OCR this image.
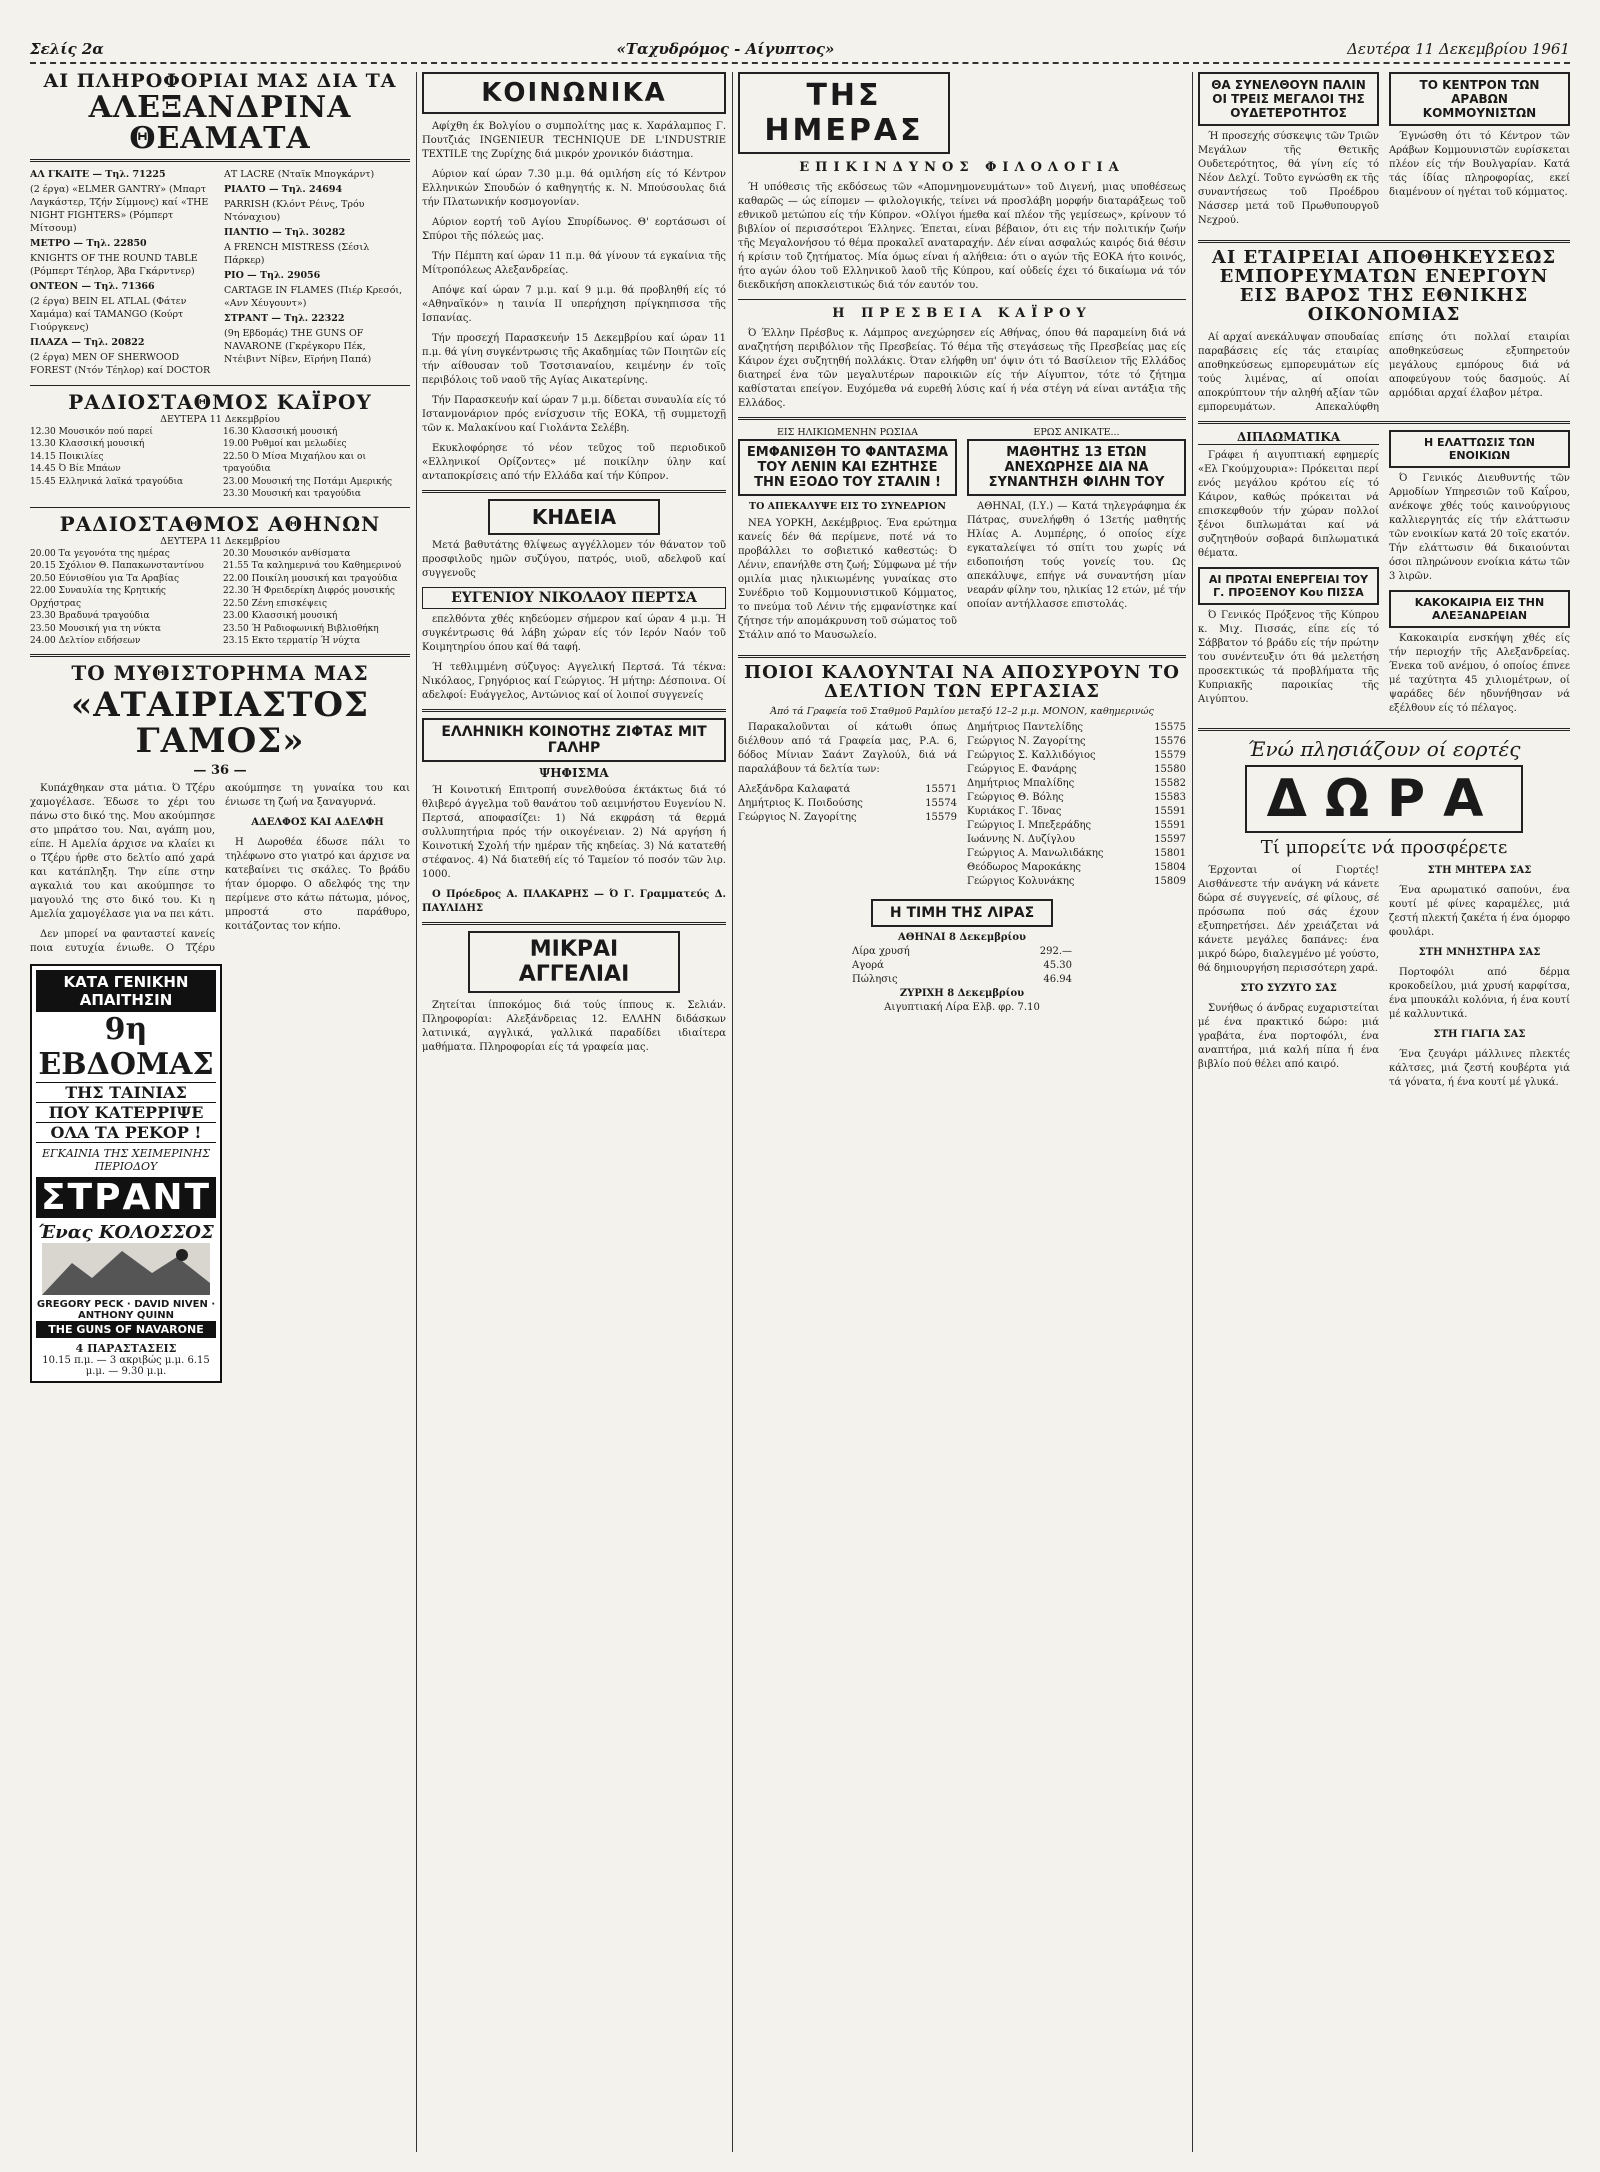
Σελίς 2α	«Ταχυδρόμος - Αίγυπτος»	Δευτέρα 11 Δεκεμβρίου 1961
ΑΙ ΠΛΗΡΟΦΟΡΙΑΙ ΜΑΣ ΔΙΑ ΤΑ
ΑΛΕΞΑΝΔΡΙΝΑ ΘΕΑΜΑΤΑ
ΑΛ ΓΚΑΙΤΕ — Τηλ. 71225
(2 έργα) «ELMER GANTRY» (Μπαρτ Λαγκάστερ, Τζήν Σίμμονς) καί «THE NIGHT FIGHTERS» (Ρόμπερτ Μίτσουμ)
ΜΕΤΡΟ — Τηλ. 22850
KNIGHTS OF THE ROUND TABLE (Ρόμπερτ Τέηλορ, Άβα Γκάρντνερ)
ΟΝΤΕΟΝ — Τηλ. 71366
(2 έργα) BEIN EL ATLAL (Φάτεν Χαμάμα) καί TAMANGO (Κούρτ Γιούργκενς)
ΠΛΑΖΑ — Τηλ. 20822
(2 έργα) MEN OF SHERWOOD FOREST (Ντόν Τέηλορ) καί DOCTOR
ΑΤ LACRE (Νταϊκ Μπογκάρντ)
ΡΙΑΛΤΟ — Τηλ. 24694
PARRISH (Κλόντ Ρέινς, Τρόυ Ντόναχιου)
ΠΑΝΤΙΟ — Τηλ. 30282
A FRENCH MISTRESS (Σέσιλ Πάρκερ)
ΡΙΟ — Τηλ. 29056
CARTAGE IN FLAMES (Πιέρ Κρεσόι, «Ανν Χέυγουντ»)
ΣΤΡΑΝΤ — Τηλ. 22322
(9η Εβδομάς) THE GUNS OF NAVARONE (Γκρέγκορυ Πέκ, Ντέιβιντ Νίβεν, Εϊρήνη Παπά)
ΡΑΔΙΟΣΤΑΘΜΟΣ ΚΑΪΡΟΥ
ΔΕΥΤΕΡΑ 11 Δεκεμβρίου
12.30 Μουσικόν πού παρεί
13.30 Κλασσική μουσική
14.15 Ποικιλίες
14.45 Ό Βίε Μπάων
15.45 Ελληνικά λαϊκά τραγούδια
16.30 Κλασσική μουσική
19.00 Ρυθμοί και μελωδίες
22.50 Ό Μίσα Μιχαήλου και οι τραγούδια
23.00 Μουσική της Ποτάμι Αμερικής
23.30 Μουσική και τραγούδια
ΡΑΔΙΟΣΤΑΘΜΟΣ ΑΘΗΝΩΝ
ΔΕΥΤΕΡΑ 11 Δεκεμβρίου
20.00 Τα γεγονότα της ημέρας
20.15 Σχόλιον Θ. Παπακωνσταντίνου
20.50 Εύνισθίου για Τα Αραβίας
22.00 Συναυλία της Κρητικής Ορχήστρας
23.30 Βραδυνά τραγούδια
23.50 Μουσική για τη νύκτα
24.00 Δελτίον ειδήσεων
20.30 Μουσικόν ανθίσματα
21.55 Τα καλημερινά του Καθημερινού
22.00 Ποικίλη μουσική και τραγούδια
22.30 Ή Φρειδερίκη Διφρός μουσικής
22.50 Ζένη επισκέψεις
23.00 Κλασσική μουσική
23.50 Ή Ραδιοφωνική Βιβλιοθήκη
23.15 Εκτο τερματίρ Ή νύχτα
ΤΟ ΜΥΘΙΣΤΟΡΗΜΑ ΜΑΣ
«ΑΤΑΙΡΙΑΣΤΟΣ ΓΑΜΟΣ»
— 36 —

Κυπάχθηκαν στα μάτια. Ό Τζέρυ χαμογέλασε. Έδωσε το χέρι του πάνω στο δικό της. Μου ακούμπησε στο μπράτσο του. Ναι, αγάπη μου, είπε. Η Αμελία άρχισε να κλαίει κι ο Τζέρυ ήρθε στο δελτίο από χαρά και κατάπληξη. Την είπε στην αγκαλιά του και ακούμπησε το μαγουλό της στο δικό του. Κι η Αμελία χαμογέλασε για να πει κάτι.

Δεν μπορεί να φανταστεί κανείς ποια ευτυχία ένιωθε. Ο Τζέρυ ακούμπησε τη γυναίκα του και ένιωσε τη ζωή να ξαναγυρνά.

ΑΔΕΛΦΟΣ ΚΑΙ ΑΔΕΛΦΗ

Η Δωροθέα έδωσε πάλι το τηλέφωνο στο γιατρό και άρχισε να κατεβαίνει τις σκάλες. Το βράδυ ήταν όμορφο. Ο αδελφός της την περίμενε στο κάτω πάτωμα, μόνος, μπροστά στο παράθυρο, κοιτάζοντας τον κήπο.

ΚΑΤΑ ΓΕΝΙΚΗΝ ΑΠΑΙΤΗΣΙΝ
9η ΕΒΔΟΜΑΣ
ΤΗΣ ΤΑΙΝΙΑΣ
ΠΟΥ ΚΑΤΕΡΡΙΨΕ
ΟΛΑ ΤΑ ΡΕΚΟΡ !
ΕΓΚΑΙΝΙΑ ΤΗΣ ΧΕΙΜΕΡΙΝΗΣ ΠΕΡΙΟΔΟΥ
ΣΤΡΑΝΤ
Ένας ΚΟΛΟΣΣΟΣ
GREGORY PECK · DAVID NIVEN · ANTHONY QUINN
THE GUNS OF NAVARONE
4 ΠΑΡΑΣΤΑΣΕΙΣ
10.15 π.μ. — 3 ακριβώς μ.μ. 6.15 μ.μ. — 9.30 μ.μ.
ΚΟΙΝΩΝΙΚΑ

Αφίχθη έκ Βολγίου ο συμπολίτης μας κ. Χαράλαμπος Γ. Πουτζιάς INGENIEUR TECHNIQUE DE L'INDUSTRIE TEXTILE της Ζυρίχης διά μικρόν χρονικόν διάστημα.

Αύριον καί ώραν 7.30 μ.μ. θά ομιλήση είς τό Κέντρον Ελληνικών Σπουδών ό καθηγητής κ. Ν. Μπούσουλας διά τήν Πλατωνικήν κοσμογονίαν.

Αύριον εορτή τοῦ Αγίου Σπυρίδωνος. Θ' εορτάσωσι οί Σπύροι τῆς πόλεώς μας.

Τήν Πέμπτη καί ώραν 11 π.μ. θά γίνουν τά εγκαίνια τῆς Μίτροπόλεως Αλεξανδρείας.

Απόψε καί ώραν 7 μ.μ. καί 9 μ.μ. θά προβληθή είς τό «Αθηναϊκόν» η ταινία ΙΙ υπερήχηση πρίγκηπισσα τῆς Ισπανίας.

Τήν προσεχή Παρασκευήν 15 Δεκεμβρίου καί ώραν 11 π.μ. θά γίνη συγκέντρωσις τῆς Ακαδημίας τῶν Ποιητῶν είς τήν αίθουσαν τοῦ Τσοτσιαναίου, κειμένην έν τοῖς περιβόλοις τοῦ ναοῦ τῆς Αγίας Αικατερίνης.

Τήν Παρασκευήν καί ώραν 7 μ.μ. δίδεται συναυλία είς τό Ιστανμονάριον πρός ενίσχυσιν τῆς ΕΟΚΑ, τῇ συμμετοχῇ τῶν κ. Μαλακίνου καί Γιολάντα Σελέβη.

Εκυκλοφόρησε τό νέον τεῦχος τοῦ περιοδικοῦ «Ελληνικοί Ορίζοντες» μέ ποικίλην ύλην καί ανταποκρίσεις από τήν Ελλάδα καί τήν Κύπρον.

ΚΗΔΕΙΑ

Μετά βαθυτάτης θλίψεως αγγέλλομεν τόν θάνατον τοῦ προσφιλοῦς ημῶν συζύγου, πατρός, υιοῦ, αδελφοῦ καί συγγενοῦς

ΕΥΓΕΝΙΟΥ ΝΙΚΟΛΑΟΥ ΠΕΡΤΣΑ

επελθόντα χθές κηδεύομεν σήμερον καί ώραν 4 μ.μ. Ή συγκέντρωσις θά λάβη χώραν είς τόν Ιερόν Ναόν τοῦ Κοιμητηρίου όπου καί θά ταφή.

Ή τεθλιμμένη σύζυγος: Αγγελική Περτσά. Τά τέκνα: Νικόλαος, Γρηγόριος καί Γεώργιος. Ή μήτηρ: Δέσποινα. Οί αδελφοί: Ευάγγελος, Αντώνιος καί οί λοιποί συγγενείς

ΕΛΛΗΝΙΚΗ ΚΟΙΝΟΤΗΣ ΖΙΦΤΑΣ ΜΙΤ ΓΑΛΗΡ
ΨΗΦΙΣΜΑ

Ή Κοινοτική Επιτροπή συνελθούσα έκτάκτως διά τό θλιβερό άγγελμα τοῦ θανάτου τοῦ αειμνήστου Ευγενίου Ν. Περτσά, αποφασίζει: 1) Νά εκφράση τά θερμά συλλυπητήρια πρός τήν οικογένειαν. 2) Νά αργήση ή Κοινοτική Σχολή τήν ημέραν τῆς κηδείας. 3) Νά κατατεθή στέφανος. 4) Νά διατεθή είς τό Ταμείον τό ποσόν τῶν λιρ. 1000.

Ο Πρόεδρος Α. ΠΛΑΚΑΡΗΣ — Ό Γ. Γραμματεύς Δ. ΠΑΥΛΙΔΗΣ

ΜΙΚΡΑΙ ΑΓΓΕΛΙΑΙ

Ζητείται ίπποκόμος διά τούς ίππους κ. Σελιάν. Πληροφορίαι: Αλεξάνδρειας 12. ΕΛΛΗΝ διδάσκων λατινικά, αγγλικά, γαλλικά παραδίδει ιδιαίτερα μαθήματα. Πληροφορίαι είς τά γραφεία μας.

ΤΗΣ ΗΜΕΡΑΣ
ΕΠΙΚΙΝΔΥΝΟΣ ΦΙΛΟΛΟΓΙΑ

Ή υπόθεσις τῆς εκδόσεως τῶν «Απομνημονευμάτων» τοῦ Διγενή, μιας υποθέσεως καθαρῶς — ώς είπομεν — φιλολογικής, τείνει νά προσλάβη μορφήν διαταράξεως τοῦ εθνικοῦ μετώπου είς τήν Κύπρον. «Ολίγοι ήμεθα καί πλέον τῆς γεμίσεως», κρίνουν τό βιβλίον οί περισσότεροι Έλληνες. Έπεται, είναι βέβαιον, ότι εις τήν πολιτικήν ζωήν τῆς Μεγαλονήσου τό θέμα προκαλεῖ αναταραχήν. Δέν είναι ασφαλώς καιρός διά θέσιν ή κρίσιν τοῦ ζητήματος. Μία όμως είναι ή αλήθεια: ότι ο αγών τῆς ΕΟΚΑ ήτο κοινός, ήτο αγών όλου τοῦ Ελληνικοῦ λαοῦ τῆς Κύπρου, καί οὐδείς έχει τό δικαίωμα νά τόν διεκδικήση αποκλειστικώς διά τόν εαυτόν του.

Η ΠΡΕΣΒΕΙΑ ΚΑΪΡΟΥ

Ό Έλλην Πρέσβυς κ. Λάμπρος ανεχώρησεν είς Αθήνας, όπου θά παραμείνη διά νά αναζητήση περιβόλιον τῆς Πρεσβείας. Τό θέμα τῆς στεγάσεως τῆς Πρεσβείας μας είς Κάιρον έχει συζητηθή πολλάκις. Όταν ελήφθη υπ' όψιν ότι τό Βασίλειον τῆς Ελλάδος διατηρεί ένα τῶν μεγαλυτέρων παροικιῶν είς τήν Αίγυπτον, τότε τό ζήτημα καθίσταται επείγον. Ευχόμεθα νά ευρεθή λύσις καί ή νέα στέγη νά είναι αντάξια τῆς Ελλάδος.

ΕΙΣ ΗΛΙΚΙΩΜΕΝΗΝ ΡΩΣΙΔΑ
ΕΜΦΑΝΙΣΘΗ ΤΟ ΦΑΝΤΑΣΜΑ ΤΟΥ ΛΕΝΙΝ ΚΑΙ ΕΖΗΤΗΣΕ ΤΗΝ ΕΞΟΔΟ ΤΟΥ ΣΤΑΛΙΝ !
ΤΟ ΑΠΕΚΑΛΥΨΕ ΕΙΣ ΤΟ ΣΥΝΕΔΡΙΟΝ

ΝΕΑ ΥΟΡΚΗ, Δεκέμβριος. Ένα ερώτημα κανείς δέν θά περίμενε, ποτέ νά το προβάλλει το σοβιετικό καθεστώς: Ό Λένιν, επανήλθε στη ζωή; Σύμφωνα μέ τήν ομιλία μιας ηλικιωμένης γυναίκας στο Συνέδριο τοῦ Κομμουνιστικοῦ Κόμματος, το πνεύμα τοῦ Λένιν τής εμφανίστηκε καί ζήτησε τήν απομάκρυνση τοῦ σώματος τοῦ Στάλιν από το Μαυσωλείο.

ΕΡΩΣ ΑΝΙΚΑΤΕ...
ΜΑΘΗΤΗΣ 13 ΕΤΩΝ ΑΝΕΧΩΡΗΣΕ ΔΙΑ ΝΑ ΣΥΝΑΝΤΗΣΗ ΦΙΛΗΝ ΤΟΥ

ΑΘΗΝΑΙ, (Ι.Υ.) — Κατά τηλεγράφημα έκ Πάτρας, συνελήφθη ό 13ετής μαθητής Ηλίας Α. Λυμπέρης, ό οποίος είχε εγκαταλείψει τό σπίτι του χωρίς νά ειδοποιήση τούς γονείς του. Ως απεκάλυψε, επήγε νά συναντήση μίαν νεαράν φίλην του, ηλικίας 12 ετών, μέ τήν οποίαν αντήλλασσε επιστολάς.

ΠΟΙΟΙ ΚΑΛΟΥΝΤΑΙ ΝΑ ΑΠΟΣΥΡΟΥΝ ΤΟ ΔΕΛΤΙΟΝ ΤΩΝ ΕΡΓΑΣΙΑΣ
Άπό τά Γραφεία τοῦ Σταθμοῦ Ραμλίου μεταξύ 12–2 μ.μ. ΜΟΝΟΝ, καθημερινώς

Παρακαλοῦνται οί κάτωθι όπως διέλθουν από τά Γραφεία μας, Ρ.Α. 6, δόδος Μίνιαν Σαάντ Ζαγλούλ, διά νά παραλάβουν τά δελτία των:

Αλεξάνδρα Καλαφατά	15571
Δημήτριος Κ. Ποιδούσης	15574
Γεώργιος Ν. Ζαγορίτης	15579
Δημήτριος Παντελίδης	15575
Γεώργιος Ν. Ζαγορίτης	15576
Γεώργιος Σ. Καλλιδόγιος	15579
Γεώργιος Ε. Φανάρης	15580
Δημήτριος Μπαλίδης	15582
Γεώργιος Θ. Βόλης	15583
Κυριάκος Γ. Ίδνας	15591
Γεώργιος Ι. Μπεξεράδης	15591
Ιωάννης Ν. Δυζίγλου	15597
Γεώργιος Α. Μανωλιδάκης	15801
Θεόδωρος Μαροκάκης	15804
Γεώργιος Κολυνάκης	15809
Η ΤΙΜΗ ΤΗΣ ΛΙΡΑΣ
ΑΘΗΝΑΙ 8 Δεκεμβρίου
Λίρα χρυσή	292.—
Αγορά	45.30
Πώλησις	46.94
ΖΥΡΙΧΗ 8 Δεκεμβρίου
Αιγυπτιακή Λίρα Ελβ. φρ. 7.10
ΘΑ ΣΥΝΕΛΘΟΥΝ ΠΑΛΙΝ ΟΙ ΤΡΕΙΣ ΜΕΓΑΛΟΙ ΤΗΣ ΟΥΔΕΤΕΡΟΤΗΤΟΣ

Ή προσεχής σύσκεψις τῶν Τριῶν Μεγάλων τῆς Θετικῆς Ουδετερότητος, θά γίνη είς τό Νέον Δελχί. Τοῦτο εγνώσθη εκ τῆς συναντήσεως τοῦ Προέδρου Νάσσερ μετά τοῦ Πρωθυπουργοῦ Νεχρού.

ΤΟ ΚΕΝΤΡΟΝ ΤΩΝ ΑΡΑΒΩΝ ΚΟΜΜΟΥΝΙΣΤΩΝ

Έγνώσθη ότι τό Κέντρον τῶν Αράβων Κομμουνιστῶν ευρίσκεται πλέον είς τήν Βουλγαρίαν. Κατά τάς ίδίας πληροφορίας, εκεί διαμένουν οί ηγέται τοῦ κόμματος.

ΑΙ ΕΤΑΙΡΕΙΑΙ ΑΠΟΘΗΚΕΥΣΕΩΣ ΕΜΠΟΡΕΥΜΑΤΩΝ ΕΝΕΡΓΟΥΝ ΕΙΣ ΒΑΡΟΣ ΤΗΣ ΕΘΝΙΚΗΣ ΟΙΚΟΝΟΜΙΑΣ

Αί αρχαί ανεκάλυψαν σπουδαίας παραβάσεις είς τάς εταιρίας αποθηκεύσεως εμπορευμάτων είς τούς λιμένας, αί οποίαι αποκρύπτουν τήν αληθή αξίαν τῶν εμπορευμάτων. Απεκαλύφθη επίσης ότι πολλαί εταιρίαι αποθηκεύσεως εξυπηρετούν μεγάλους εμπόρους διά νά αποφεύγουν τούς δασμούς. Αί αρμόδιαι αρχαί έλαβον μέτρα.

ΔΙΠΛΩΜΑΤΙΚΑ

Γράφει ή αιγυπτιακή εφημερίς «Ελ Γκούμχουρια»: Πρόκειται περί ενός μεγάλου κρότου είς τό Κάιρον, καθώς πρόκειται νά επισκεφθούν τήν χώραν πολλοί ξένοι διπλωμάται καί νά συζητηθούν σοβαρά διπλωματικά θέματα.

ΑΙ ΠΡΩΤΑΙ ΕΝΕΡΓΕΙΑΙ ΤΟΥ Γ. ΠΡΟΞΕΝΟΥ Κου ΠΙΣΣΑ

Ό Γενικός Πρόξενος τῆς Κύπρου κ. Μιχ. Πισσάς, είπε είς τό Σάββατον τό βράδυ είς τήν πρώτην του συνέντευξιν ότι θά μελετήση προσεκτικώς τά προβλήματα τῆς Κυπριακῆς παροικίας τῆς Αιγύπτου.

Η ΕΛΑΤΤΩΣΙΣ ΤΩΝ ΕΝΟΙΚΙΩΝ

Ό Γενικός Διευθυντής τῶν Αρμοδίων Υπηρεσιῶν τοῦ Καΐρου, ανέκοψε χθές τούς καινούργιους καλλιεργητάς είς τήν ελάττωσιν τῶν ενοικίων κατά 20 τοῖς εκατόν. Τήν ελάττωσιν θά δικαιούνται όσοι πληρώνουν ενοίκια κάτω τῶν 3 λιρῶν.

ΚΑΚΟΚΑΙΡΙΑ ΕΙΣ ΤΗΝ ΑΛΕΞΑΝΔΡΕΙΑΝ

Κακοκαιρία ενσκήψη χθές είς τήν περιοχήν τῆς Αλεξανδρείας. Ένεκα τοῦ ανέμου, ό οποίος έπνεε μέ ταχύτητα 45 χιλιομέτρων, οί ψαράδες δέν ηδυνήθησαν νά εξέλθουν είς τό πέλαγος.

Ένώ πλησιάζουν οί εορτές
ΔΩΡΑ
Τί μπορείτε νά προσφέρετε

Έρχονται οί Γιορτές! Αισθάνεστε τήν ανάγκη νά κάνετε δώρα σέ συγγενείς, σέ φίλους, σέ πρόσωπα πού σάς έχουν εξυπηρετήσει. Δέν χρειάζεται νά κάνετε μεγάλες δαπάνες: ένα μικρό δώρο, διαλεγμένο μέ γούστο, θά δημιουργήση περισσότερη χαρά.

ΣΤΟ ΣΥΖΥΓΟ ΣΑΣ

Συνήθως ό άνδρας ευχαριστείται μέ ένα πρακτικό δώρο: μιά γραβάτα, ένα πορτοφόλι, ένα αναπτήρα, μιά καλή πίπα ή ένα βιβλίο πού θέλει από καιρό.

ΣΤΗ ΜΗΤΕΡΑ ΣΑΣ

Ένα αρωματικό σαπούνι, ένα κουτί μέ φίνες καραμέλες, μιά ζεστή πλεκτή ζακέτα ή ένα όμορφο φουλάρι.

ΣΤΗ ΜΝΗΣΤΗΡΑ ΣΑΣ

Πορτοφόλι από δέρμα κροκοδείλου, μιά χρυσή καρφίτσα, ένα μπουκάλι κολόνια, ή ένα κουτί μέ καλλυντικά.

ΣΤΗ ΓΙΑΓΙΑ ΣΑΣ

Ένα ζευγάρι μάλλινες πλεκτές κάλτσες, μιά ζεστή κουβέρτα γιά τά γόνατα, ή ένα κουτί μέ γλυκά.
